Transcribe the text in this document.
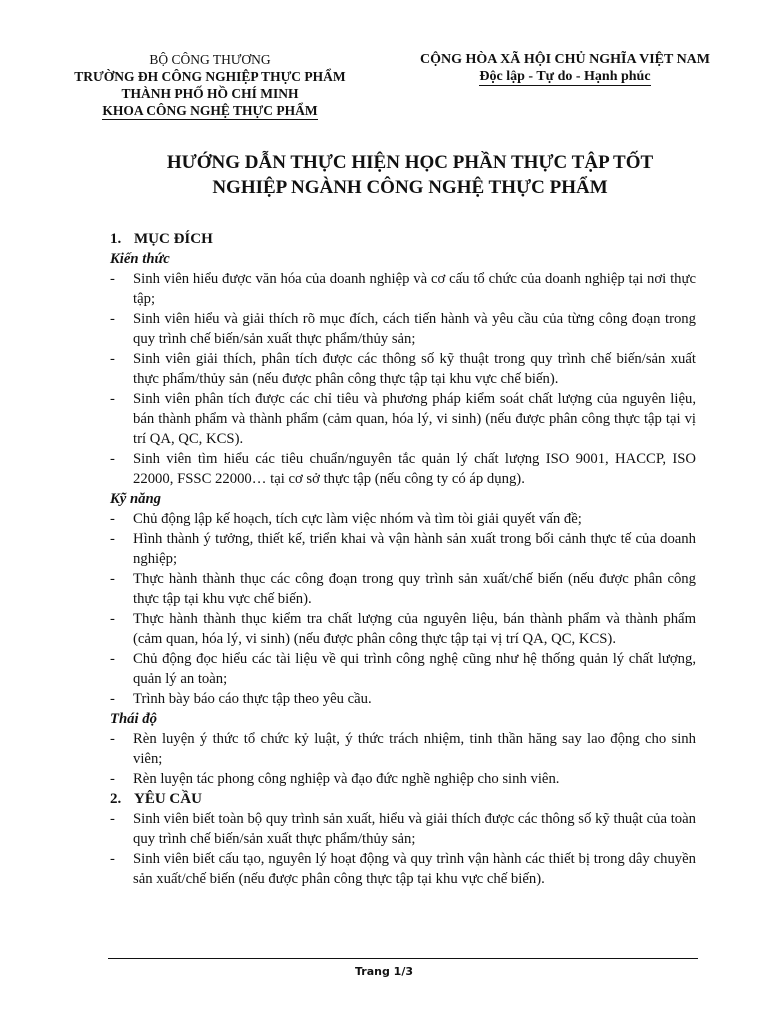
BỘ CÔNG THƯƠNG
TRƯỜNG ĐH CÔNG NGHIỆP THỰC PHẨM
THÀNH PHỐ HỒ CHÍ MINH
KHOA CÔNG NGHỆ THỰC PHẨM
CỘNG HÒA XÃ HỘI CHỦ NGHĨA VIỆT NAM
Độc lập - Tự do - Hạnh phúc
HƯỚNG DẪN THỰC HIỆN HỌC PHẦN THỰC TẬP TỐT
NGHIỆP NGÀNH CÔNG NGHỆ THỰC PHẨM
1. MỤC ĐÍCH
Kiến thức
- Sinh viên hiểu được văn hóa của doanh nghiệp và cơ cấu tổ chức của doanh nghiệp tại nơi thực tập;
- Sinh viên hiểu và giải thích rõ mục đích, cách tiến hành và yêu cầu của từng công đoạn trong quy trình chế biến/sản xuất thực phẩm/thủy sản;
- Sinh viên giải thích, phân tích được các thông số kỹ thuật trong quy trình chế biến/sản xuất thực phẩm/thủy sản (nếu được phân công thực tập tại khu vực chế biến).
- Sinh viên phân tích được các chỉ tiêu và phương pháp kiểm soát chất lượng của nguyên liệu, bán thành phẩm và thành phẩm (cảm quan, hóa lý, vi sinh) (nếu được phân công thực tập tại vị trí QA, QC, KCS).
- Sinh viên tìm hiểu các tiêu chuẩn/nguyên tắc quản lý chất lượng ISO 9001, HACCP, ISO 22000, FSSC 22000… tại cơ sở thực tập (nếu công ty có áp dụng).
Kỹ năng
- Chủ động lập kế hoạch, tích cực làm việc nhóm và tìm tòi giải quyết vấn đề;
- Hình thành ý tưởng, thiết kế, triển khai và vận hành sản xuất trong bối cảnh thực tế của doanh nghiệp;
- Thực hành thành thục các công đoạn trong quy trình sản xuất/chế biến (nếu được phân công thực tập tại khu vực chế biến).
- Thực hành thành thục kiểm tra chất lượng của nguyên liệu, bán thành phẩm và thành phẩm (cảm quan, hóa lý, vi sinh) (nếu được phân công thực tập tại vị trí QA, QC, KCS).
- Chủ động đọc hiểu các tài liệu về qui trình công nghệ cũng như hệ thống quản lý chất lượng, quản lý an toàn;
- Trình bày báo cáo thực tập theo yêu cầu.
Thái độ
- Rèn luyện ý thức tổ chức kỷ luật, ý thức trách nhiệm, tinh thần hăng say lao động cho sinh viên;
- Rèn luyện tác phong công nghiệp và đạo đức nghề nghiệp cho sinh viên.
2. YÊU CẦU
- Sinh viên biết toàn bộ quy trình sản xuất, hiểu và giải thích được các thông số kỹ thuật của toàn quy trình chế biến/sản xuất thực phẩm/thủy sản;
- Sinh viên biết cấu tạo, nguyên lý hoạt động và quy trình vận hành các thiết bị trong dây chuyền sản xuất/chế biến (nếu được phân công thực tập tại khu vực chế biến).
Trang 1/3
